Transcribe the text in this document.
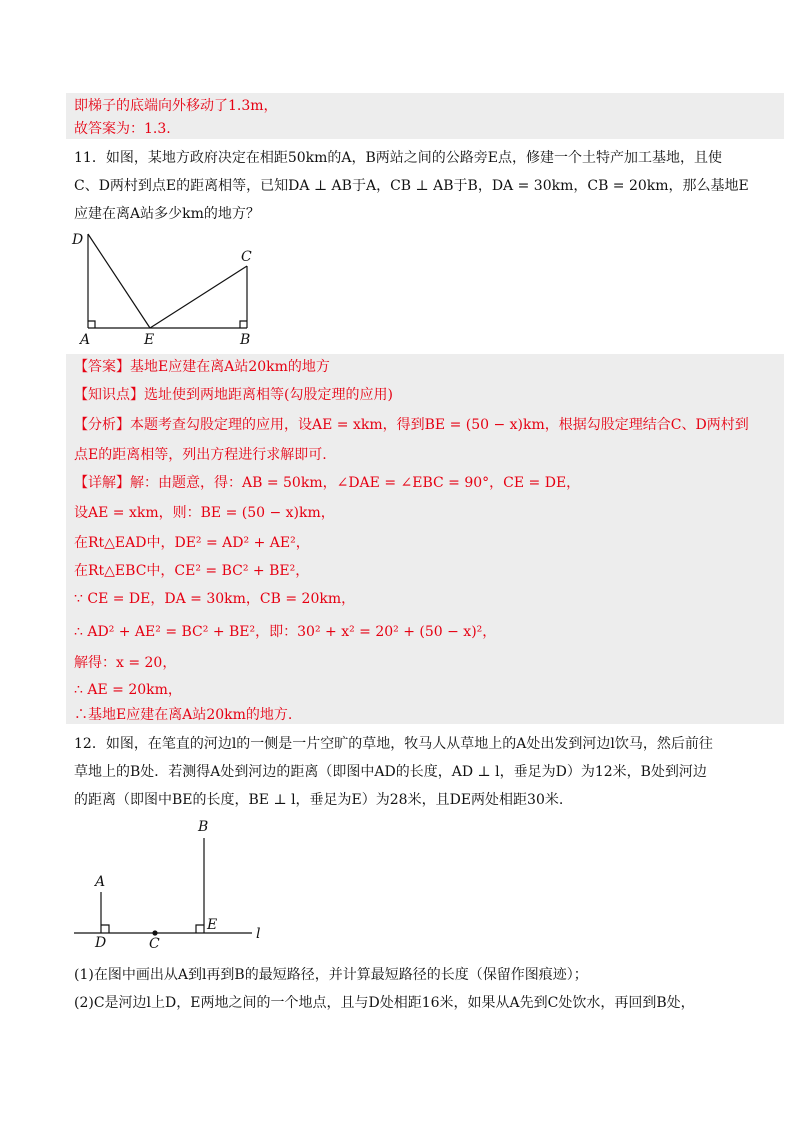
即梯子的底端向外移动了1.3m，
故答案为：1.3.
11．如图，某地方政府决定在相距50km的A，B两站之间的公路旁E点，修建一个土特产加工基地，且使
C、D两村到点E的距离相等，已知DA ⊥ AB于A，CB ⊥ AB于B，DA = 30km，CB = 20km，那么基地E
应建在离A站多少km的地方？
D
C
A	E	B
【答案】基地E应建在离A站20km的地方
【知识点】选址使到两地距离相等(勾股定理的应用)
【分析】本题考查勾股定理的应用，设AE = xkm，得到BE = (50 − x)km，根据勾股定理结合C、D两村到
点E的距离相等，列出方程进行求解即可.
【详解】解：由题意，得：AB = 50km，∠DAE = ∠EBC = 90°，CE = DE，
设AE = xkm，则：BE = (50 − x)km，
在Rt△EAD中，DE² = AD² + AE²，
在Rt△EBC中，CE² = BC² + BE²，
∵ CE = DE，DA = 30km，CB = 20km，
∴ AD² + AE² = BC² + BE²，即：30² + x² = 20² + (50 − x)²，
解得：x = 20，
∴ AE = 20km，
∴基地E应建在离A站20km的地方.
12．如图，在笔直的河边l的一侧是一片空旷的草地，牧马人从草地上的A处出发到河边l饮马，然后前往
草地上的B处．若测得A处到河边的距离（即图中AD的长度，AD ⊥ l，垂足为D）为12米，B处到河边
的距离（即图中BE的长度，BE ⊥ l，垂足为E）为28米，且DE两处相距30米.
B
A
E
D	C
l
(1)在图中画出从A到l再到B的最短路径，并计算最短路径的长度（保留作图痕迹）；
(2)C是河边l上D，E两地之间的一个地点，且与D处相距16米，如果从A先到C处饮水，再回到B处，
